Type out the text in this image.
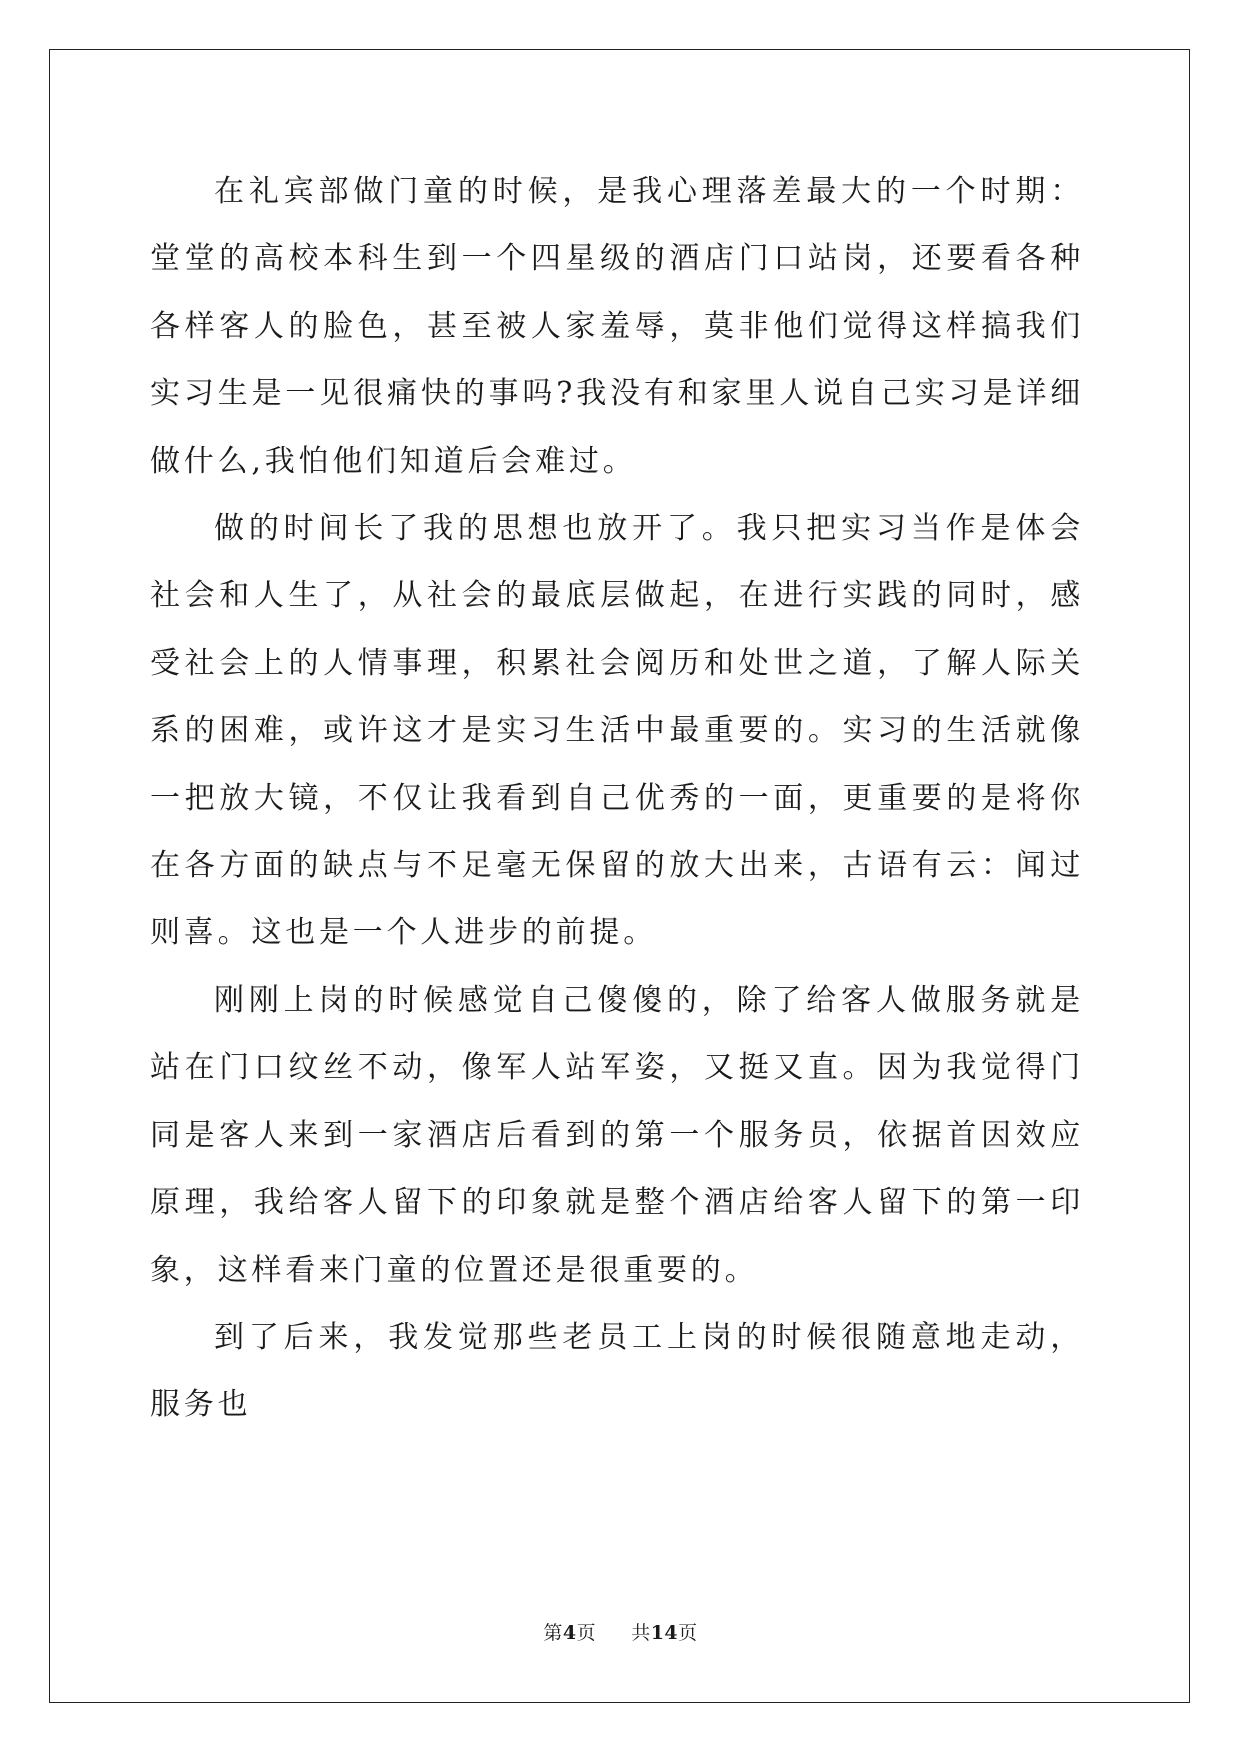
在礼宾部做门童的时候，是我心理落差最大的一个时期：堂堂的高校本科生到一个四星级的酒店门口站岗，还要看各种各样客人的脸色，甚至被人家羞辱，莫非他们觉得这样搞我们实习生是一见很痛快的事吗?我没有和家里人说自己实习是详细做什么,我怕他们知道后会难过。

做的时间长了我的思想也放开了。我只把实习当作是体会社会和人生了，从社会的最底层做起，在进行实践的同时，感受社会上的人情事理，积累社会阅历和处世之道，了解人际关系的困难，或许这才是实习生活中最重要的。实习的生活就像一把放大镜，不仅让我看到自己优秀的一面，更重要的是将你在各方面的缺点与不足毫无保留的放大出来，古语有云：闻过则喜。这也是一个人进步的前提。

刚刚上岗的时候感觉自己傻傻的，除了给客人做服务就是站在门口纹丝不动，像军人站军姿，又挺又直。因为我觉得门同是客人来到一家酒店后看到的第一个服务员，依据首因效应原理，我给客人留下的印象就是整个酒店给客人留下的第一印象，这样看来门童的位置还是很重要的。

到了后来，我发觉那些老员工上岗的时候很随意地走动，服务也

第4页 共14页
